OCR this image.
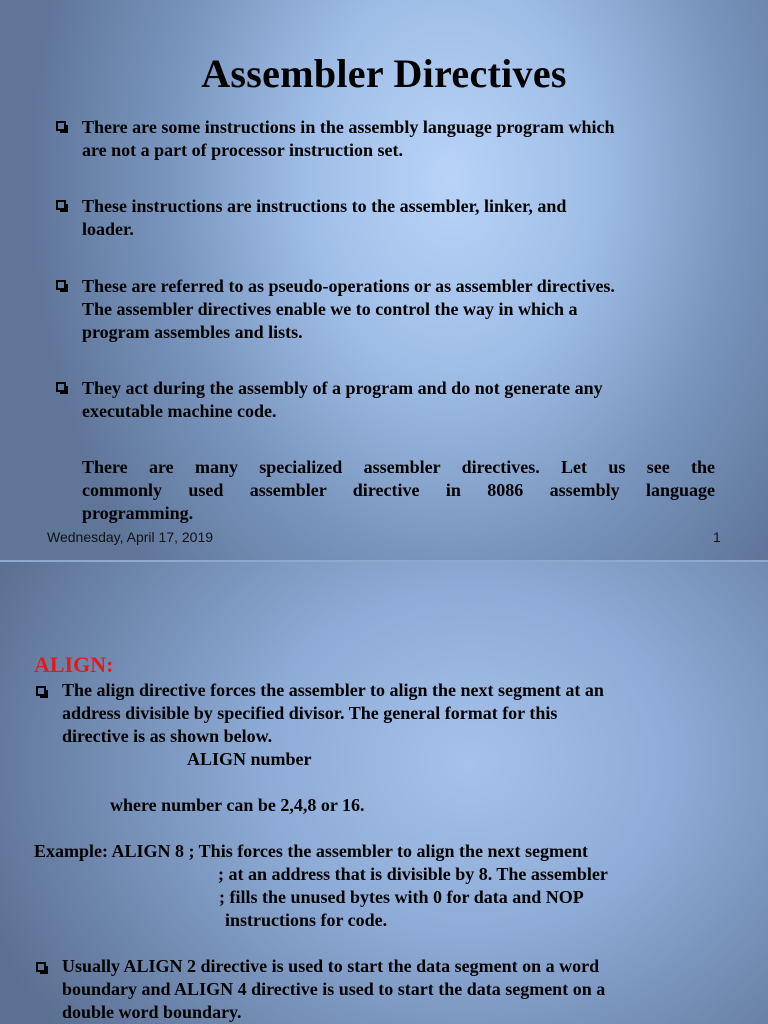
Assembler Directives

There are some instructions in the assembly language program which

are not a part of processor instruction set.

These instructions are instructions to the assembler, linker, and

loader.

These are referred to as pseudo-operations or as assembler directives.

The assembler directives enable we to control the way in which a

program assembles and lists.

They act during the assembly of a program and do not generate any

executable machine code.

There are many specialized assembler directives. Let us see the

commonly used assembler directive in 8086 assembly language

programming.

Wednesday, April 17, 2019	1
ALIGN:

The align directive forces the assembler to align the next segment at an

address divisible by specified divisor. The general format for this

directive is as shown below.

ALIGN number
where number can be 2,4,8 or 16.
Example: ALIGN 8 ; This forces the assembler to align the next segment
; at an address that is divisible by 8. The assembler
; fills the unused bytes with 0 for data and NOP
instructions for code.

Usually ALIGN 2 directive is used to start the data segment on a word

boundary and ALIGN 4 directive is used to start the data segment on a

double word boundary.
